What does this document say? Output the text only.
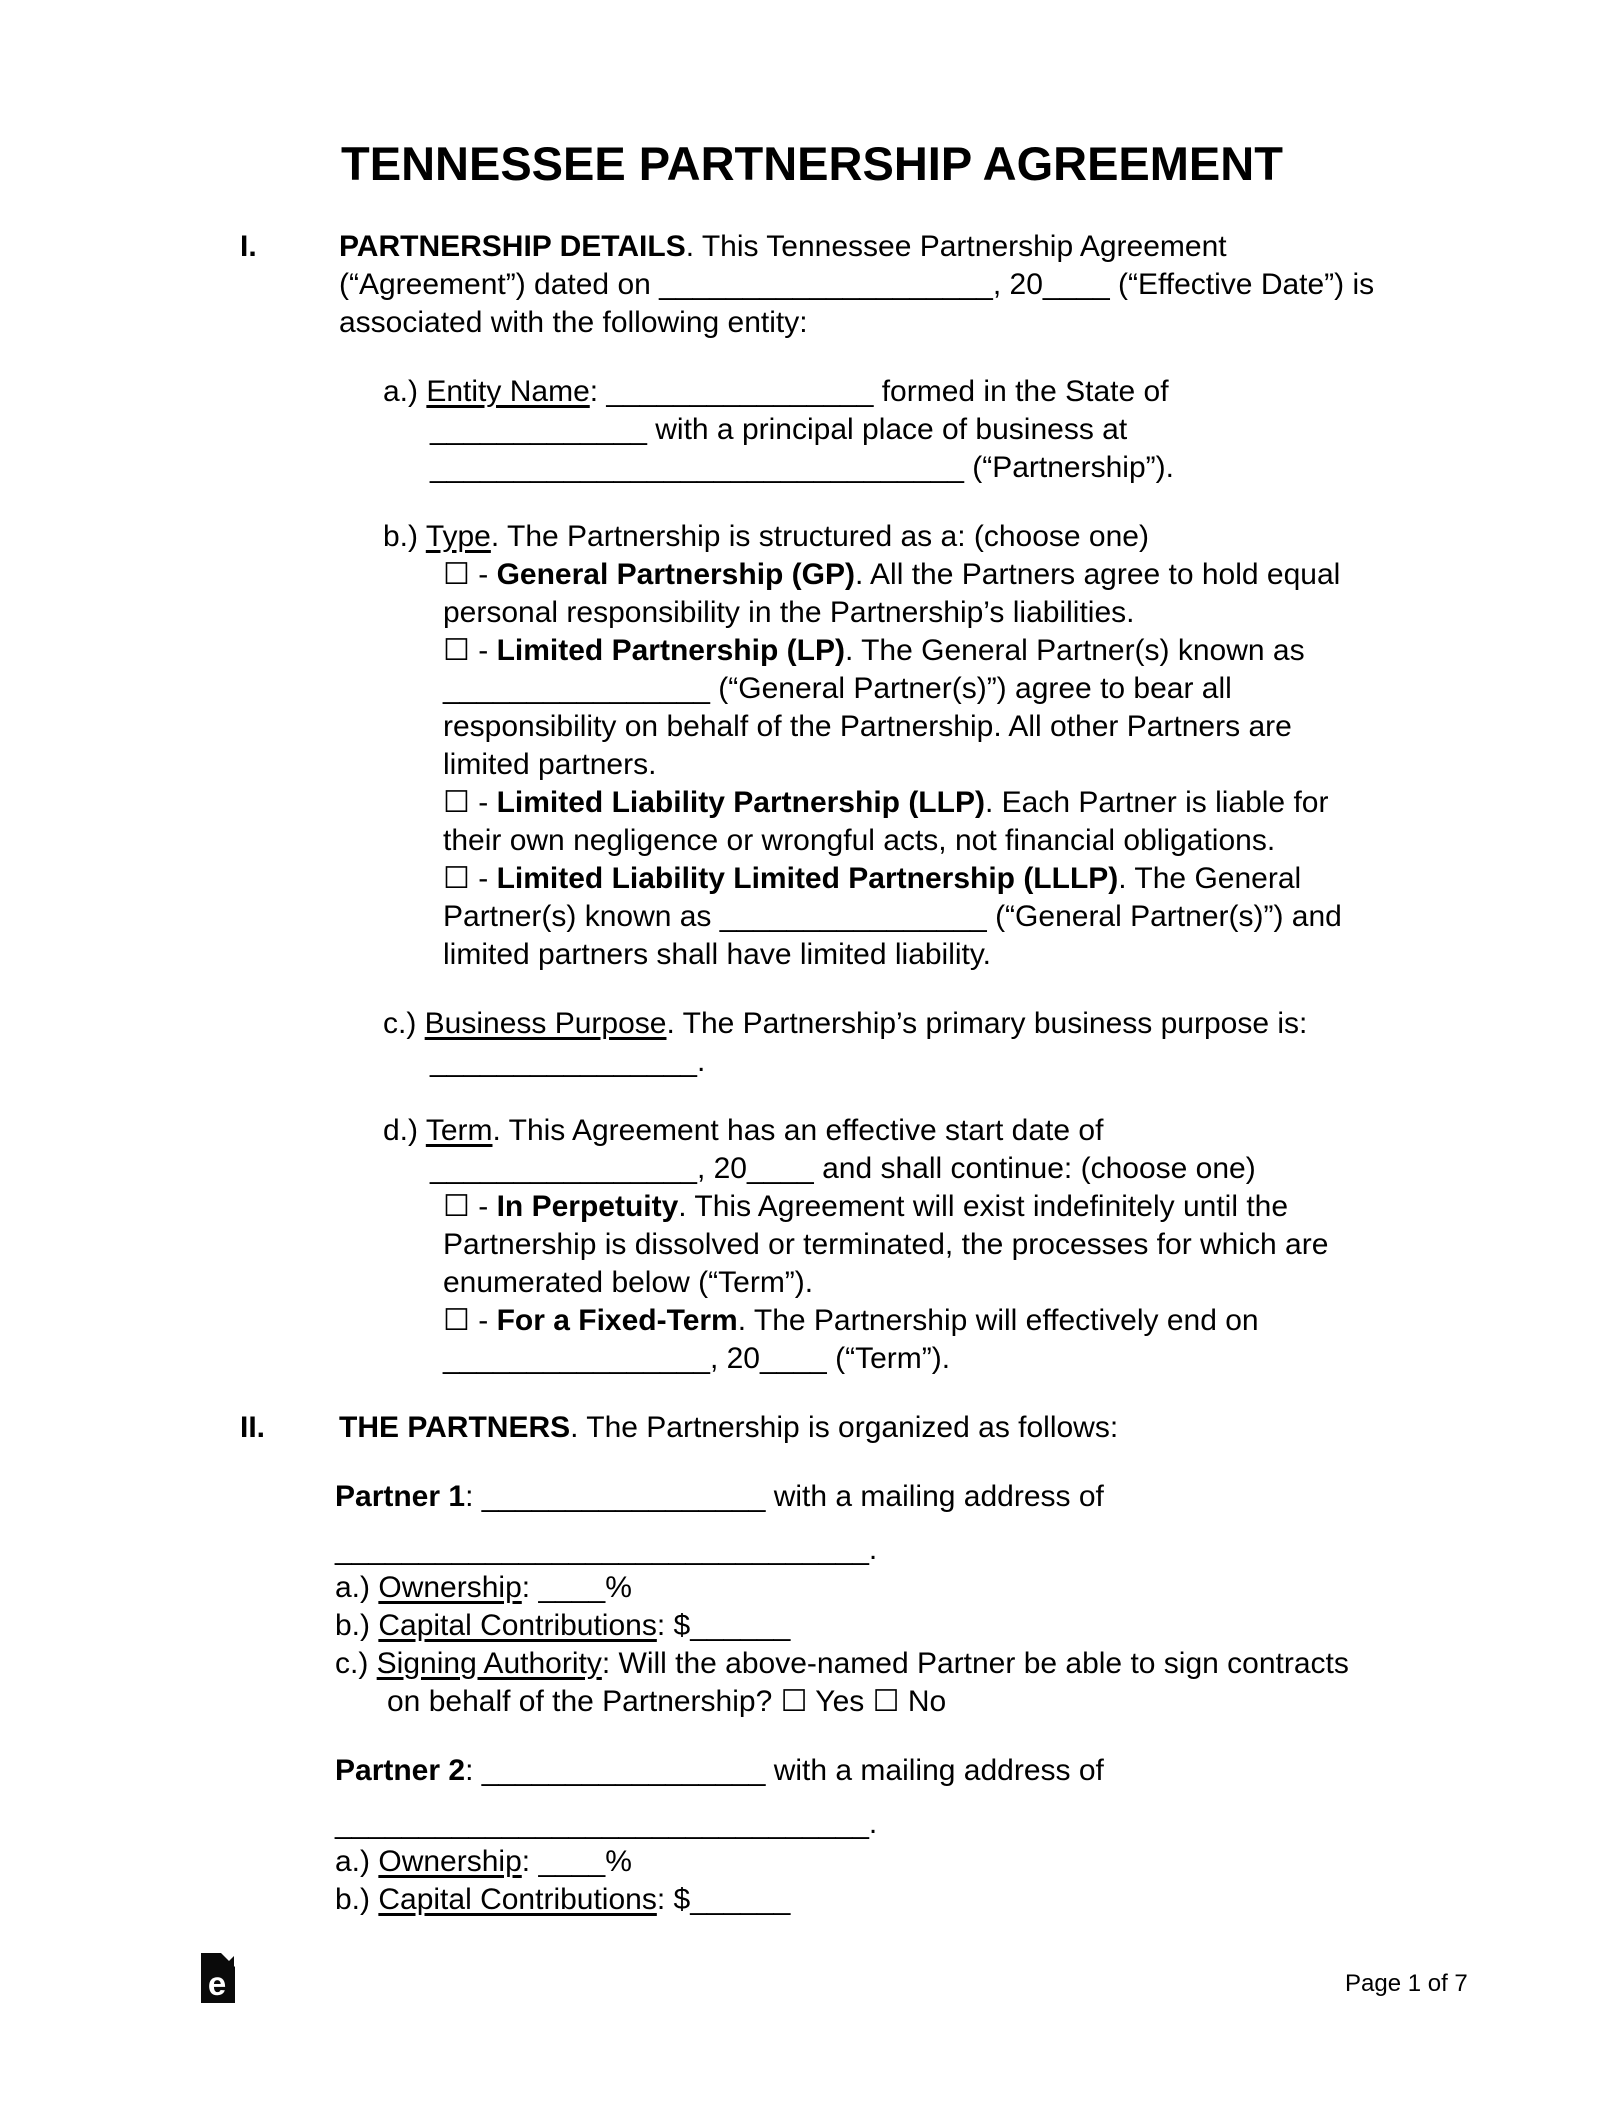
TENNESSEE PARTNERSHIP AGREEMENT
I.	PARTNERSHIP DETAILS. This Tennessee Partnership Agreement
(“Agreement”) dated on ____________________, 20____ (“Effective Date”) is
associated with the following entity:
a.) Entity Name: ________________ formed in the State of
_____________ with a principal place of business at
________________________________ (“Partnership”).
b.) Type. The Partnership is structured as a: (choose one)
☐ - General Partnership (GP). All the Partners agree to hold equal
personal responsibility in the Partnership’s liabilities.
☐ - Limited Partnership (LP). The General Partner(s) known as
________________ (“General Partner(s)”) agree to bear all
responsibility on behalf of the Partnership. All other Partners are
limited partners.
☐ - Limited Liability Partnership (LLP). Each Partner is liable for
their own negligence or wrongful acts, not financial obligations.
☐ - Limited Liability Limited Partnership (LLLP). The General
Partner(s) known as ________________ (“General Partner(s)”) and
limited partners shall have limited liability.
c.) Business Purpose. The Partnership’s primary business purpose is:
________________.
d.) Term. This Agreement has an effective start date of
________________, 20____ and shall continue: (choose one)
☐ - In Perpetuity. This Agreement will exist indefinitely until the
Partnership is dissolved or terminated, the processes for which are
enumerated below (“Term”).
☐ - For a Fixed-Term. The Partnership will effectively end on
________________, 20____ (“Term”).
II. THE PARTNERS. The Partnership is organized as follows:
Partner 1: _________________ with a mailing address of
________________________________.
a.) Ownership: ____%
b.) Capital Contributions: $______
c.) Signing Authority: Will the above-named Partner be able to sign contracts
on behalf of the Partnership? ☐ Yes ☐ No
Partner 2: _________________ with a mailing address of
________________________________.
a.) Ownership: ____%
b.) Capital Contributions: $______
e	Page 1 of 7
